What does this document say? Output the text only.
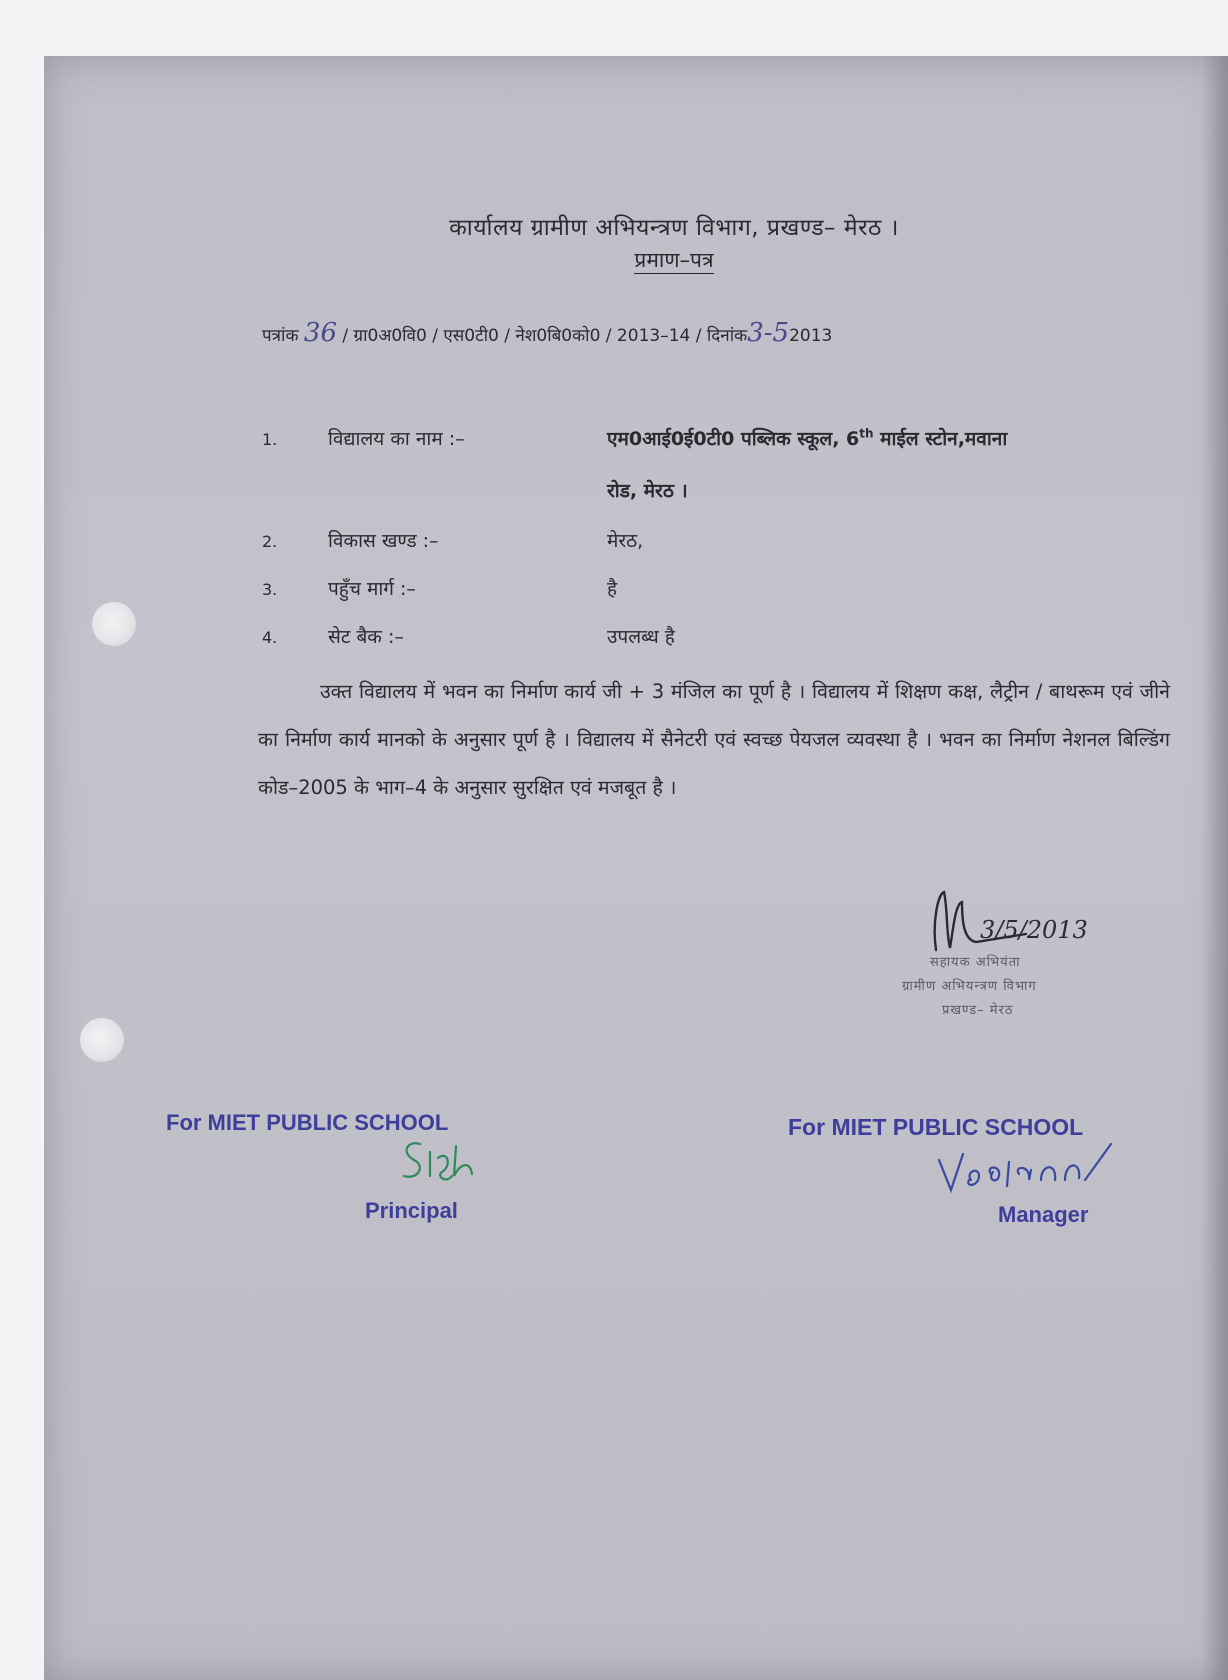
कार्यालय ग्रामीण अभियन्त्रण विभाग, प्रखण्ड– मेरठ ।
प्रमाण–पत्र
पत्रांक 36 / ग्रा0अ0वि0 / एस0टी0 / नेश0बि0को0 / 2013–14 / दिनांक3-52013
1.	विद्यालय का नाम :–	एम0आई0ई0टी0 पब्लिक स्कूल, 6th माईल स्टोन,मवाना
रोड, मेरठ ।
2.	विकास खण्ड :–	मेरठ,
3.	पहुँच मार्ग :–	है
4.	सेट बैक :–	उपलब्ध है
उक्त विद्यालय में भवन का निर्माण कार्य जी + 3 मंजिल का पूर्ण है । विद्यालय में शिक्षण कक्ष, लैट्रीन / बाथरूम एवं जीने का निर्माण कार्य मानको के अनुसार पूर्ण है । विद्यालय में सैनेटरी एवं स्वच्छ पेयजल व्यवस्था है । भवन का निर्माण नेशनल बिल्डिंग कोड–2005 के भाग–4 के अनुसार सुरक्षित एवं मजबूत है ।
3/5/2013
सहायक अभियंता
ग्रामीण अभियन्त्रण विभाग
प्रखण्ड– मेरठ
For MIET PUBLIC SCHOOL
Principal
For MIET PUBLIC SCHOOL
Manager
